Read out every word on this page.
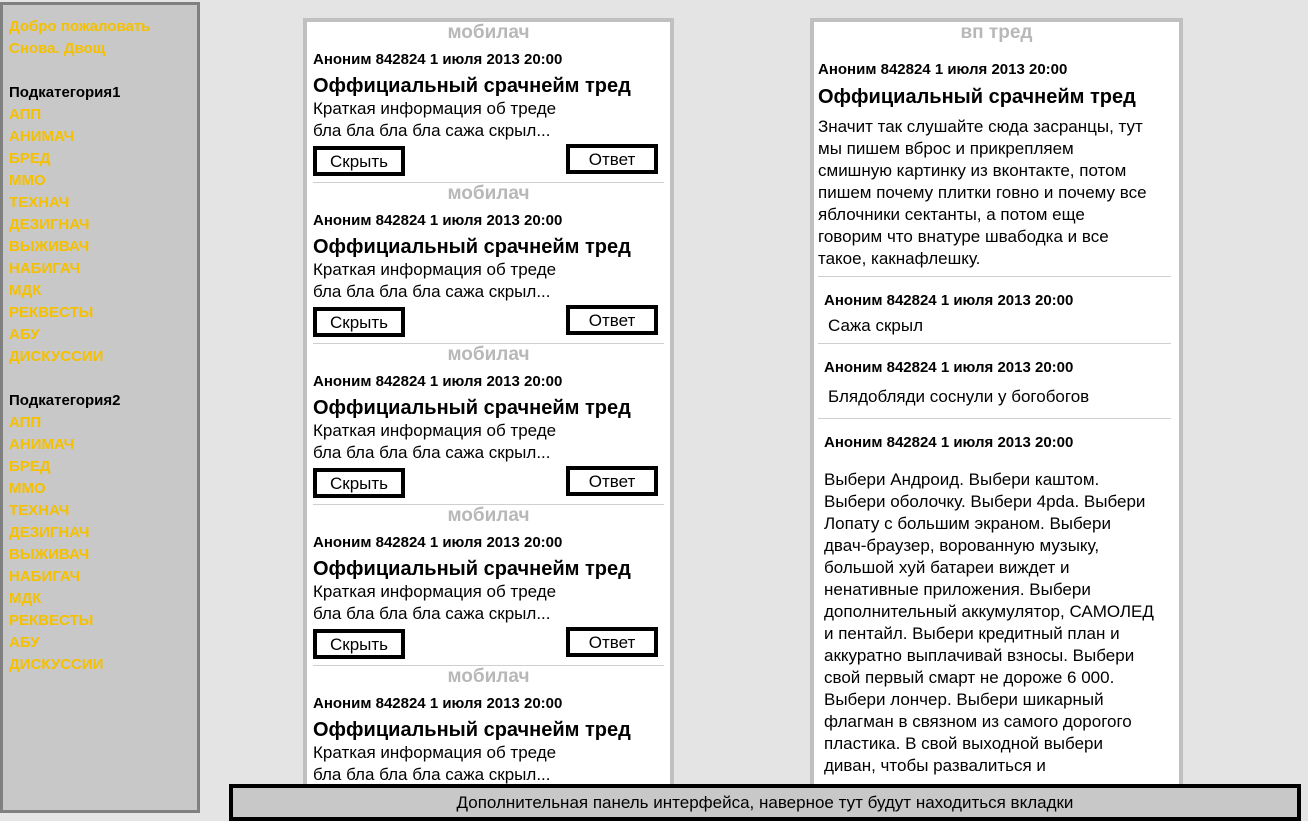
Добро пожаловать
Снова. Двощ
Подкатегория1
АПП
АНИМАЧ
БРЕД
ММО
ТЕХНАЧ
ДЕЗИГНАЧ
ВЫЖИВАЧ
НАБИГАЧ
МДК
РЕКВЕСТЫ
АБУ
ДИСКУССИИ
Подкатегория2
АПП
АНИМАЧ
БРЕД
ММО
ТЕХНАЧ
ДЕЗИГНАЧ
ВЫЖИВАЧ
НАБИГАЧ
МДК
РЕКВЕСТЫ
АБУ
ДИСКУССИИ
мобилач
Аноним 842824 1 июля 2013 20:00
Оффициальный срачнейм тред
Краткая информация об треде
бла бла бла бла сажа скрыл...
Скрыть	Ответ
мобилач
Аноним 842824 1 июля 2013 20:00
Оффициальный срачнейм тред
Краткая информация об треде
бла бла бла бла сажа скрыл...
Скрыть	Ответ
мобилач
Аноним 842824 1 июля 2013 20:00
Оффициальный срачнейм тред
Краткая информация об треде
бла бла бла бла сажа скрыл...
Скрыть	Ответ
мобилач
Аноним 842824 1 июля 2013 20:00
Оффициальный срачнейм тред
Краткая информация об треде
бла бла бла бла сажа скрыл...
Скрыть	Ответ
мобилач
Аноним 842824 1 июля 2013 20:00
Оффициальный срачнейм тред
Краткая информация об треде
бла бла бла бла сажа скрыл...
вп тред
Аноним 842824 1 июля 2013 20:00
Оффициальный срачнейм тред
Значит так слушайте сюда засранцы, тут мы пишем вброс и прикрепляем смишную картинку из вконтакте, потом пишем почему плитки говно и почему все яблочники сектанты, а потом еще говорим что внатуре швабодка и все такое, какнафлешку.
Аноним 842824 1 июля 2013 20:00
Сажа скрыл
Аноним 842824 1 июля 2013 20:00
Блядобляди соснули у богобогов
Аноним 842824 1 июля 2013 20:00
Выбери Андроид. Выбери каштом. Выбери оболочку. Выбери 4pda. Выбери Лопату с большим экраном. Выбери двач-браузер, ворованную музыку, большой хуй батареи виждет и ненативные приложения. Выбери дополнительный аккумулятор, САМОЛЕД и пентайл. Выбери кредитный план и аккуратно выплачивай взносы. Выбери свой первый смарт не дороже 6 000. Выбери лончер. Выбери шикарный флагман в связном из самого дорогого пластика. В свой выходной выбери диван, чтобы развалиться и
Дополнительная панель интерфейса, наверное тут будут находиться вкладки
